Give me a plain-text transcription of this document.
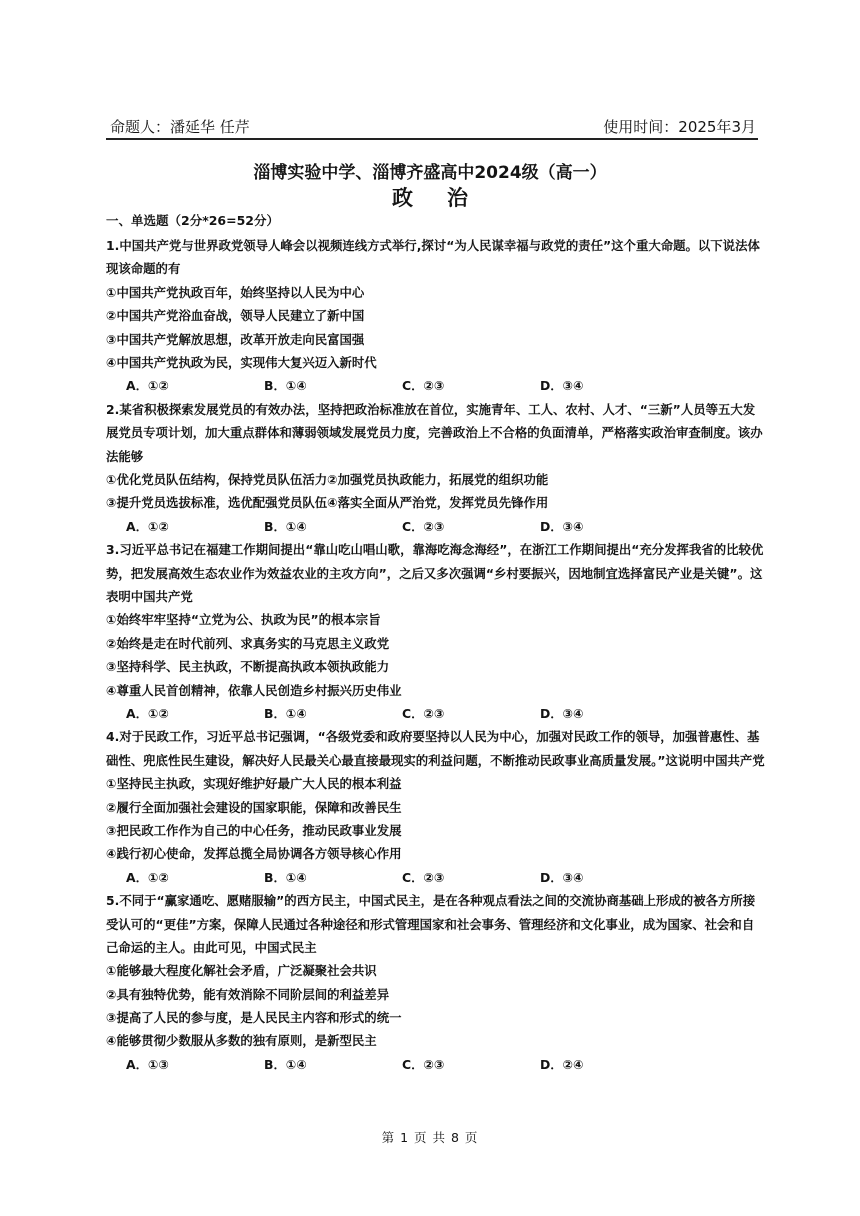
命题人：潘延华 任芹	使用时间：2025年3月
淄博实验中学、淄博齐盛高中2024级（高一）
政治
一、单选题（2分*26=52分）

1.中国共产党与世界政党领导人峰会以视频连线方式举行,探讨“为人民谋幸福与政党的责任”这个重大命题。以下说法体现该命题的有

①中国共产党执政百年，始终坚持以人民为中心
②中国共产党浴血奋战，领导人民建立了新中国
③中国共产党解放思想，改革开放走向民富国强
④中国共产党执政为民，实现伟大复兴迈入新时代
A．①②	B．①④	C．②③	D．③④

2.某省积极探索发展党员的有效办法，坚持把政治标准放在首位，实施青年、工人、农村、人才、“三新”人员等五大发展党员专项计划，加大重点群体和薄弱领域发展党员力度，完善政治上不合格的负面清单，严格落实政治审查制度。该办法能够

①优化党员队伍结构，保持党员队伍活力②加强党员执政能力，拓展党的组织功能
③提升党员选拔标准，选优配强党员队伍④落实全面从严治党，发挥党员先锋作用
A．①②	B．①④	C．②③	D．③④

3.习近平总书记在福建工作期间提出“靠山吃山唱山歌，靠海吃海念海经”，在浙江工作期间提出“充分发挥我省的比较优势，把发展高效生态农业作为效益农业的主攻方向”，之后又多次强调“乡村要振兴，因地制宜选择富民产业是关键”。这表明中国共产党

①始终牢牢坚持“立党为公、执政为民”的根本宗旨
②始终是走在时代前列、求真务实的马克思主义政党
③坚持科学、民主执政，不断提高执政本领执政能力
④尊重人民首创精神，依靠人民创造乡村振兴历史伟业
A．①②	B．①④	C．②③	D．③④

4.对于民政工作，习近平总书记强调，“各级党委和政府要坚持以人民为中心，加强对民政工作的领导，加强普惠性、基础性、兜底性民生建设，解决好人民最关心最直接最现实的利益问题，不断推动民政事业高质量发展。”这说明中国共产党

①坚持民主执政，实现好维护好最广大人民的根本利益
②履行全面加强社会建设的国家职能，保障和改善民生
③把民政工作作为自己的中心任务，推动民政事业发展
④践行初心使命，发挥总揽全局协调各方领导核心作用
A．①②	B．①④	C．②③	D．③④

5.不同于“赢家通吃、愿赌服输”的西方民主，中国式民主，是在各种观点看法之间的交流协商基础上形成的被各方所接受认可的“更佳”方案，保障人民通过各种途径和形式管理国家和社会事务、管理经济和文化事业，成为国家、社会和自己命运的主人。由此可见，中国式民主

①能够最大程度化解社会矛盾，广泛凝聚社会共识
②具有独特优势，能有效消除不同阶层间的利益差异
③提高了人民的参与度，是人民民主内容和形式的统一
④能够贯彻少数服从多数的独有原则，是新型民主
A．①③	B．①④	C．②③	D．②④
第 1 页 共 8 页
